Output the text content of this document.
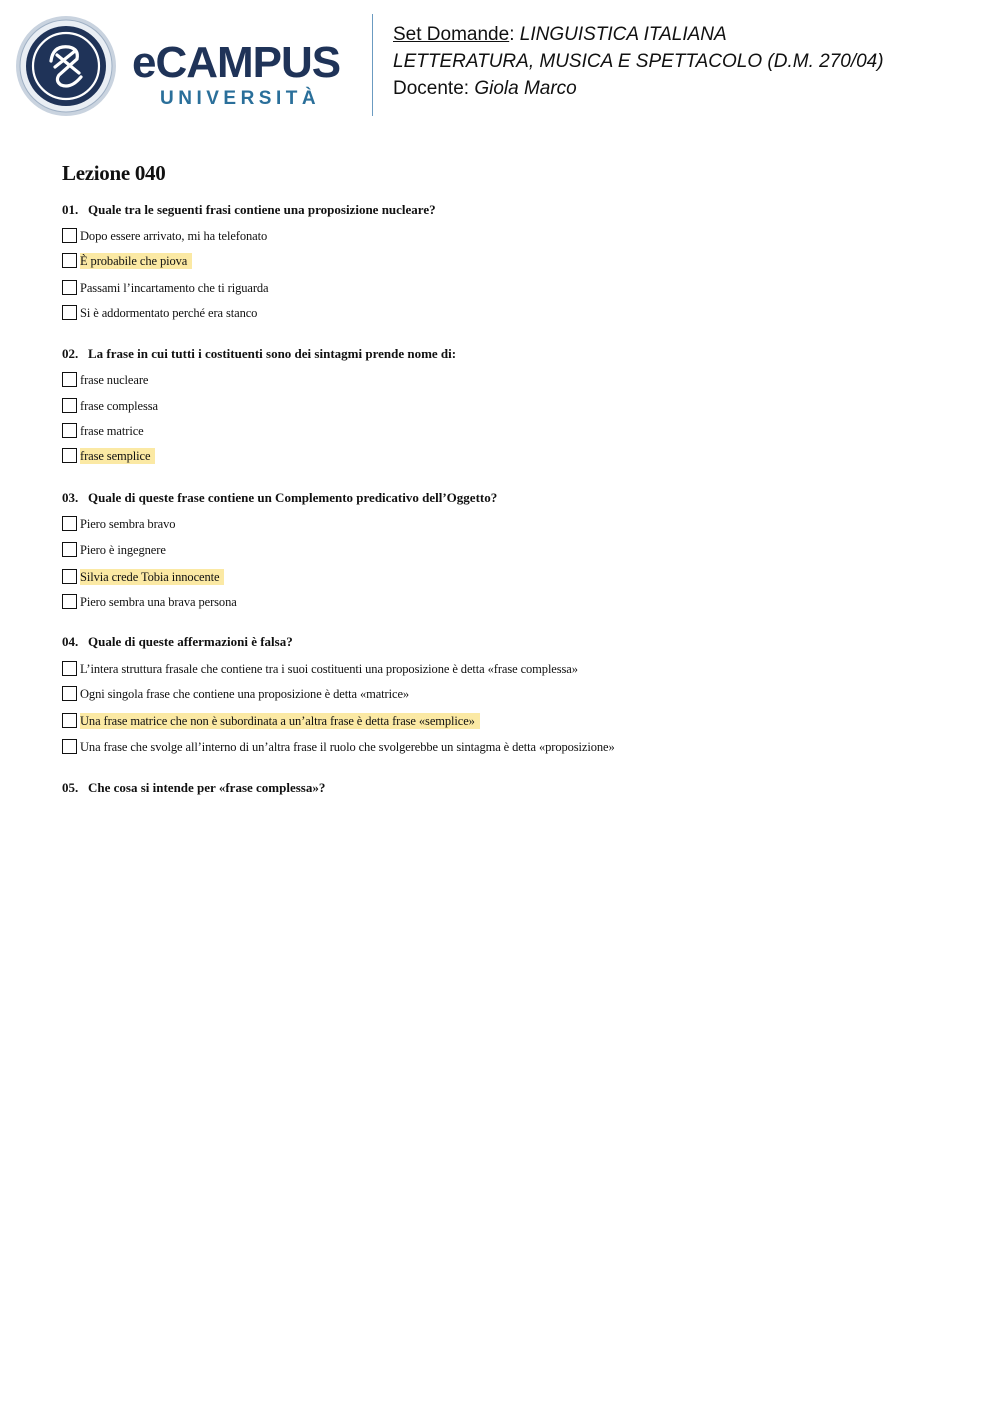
eCAMPUS
UNIVERSITÀ
Set Domande: LINGUISTICA ITALIANA
LETTERATURA, MUSICA E SPETTACOLO (D.M. 270/04)
Docente: Giola Marco
Lezione 040
01. Quale tra le seguenti frasi contiene una proposizione nucleare?
Dopo essere arrivato, mi ha telefonato
È probabile che piova
Passami l’incartamento che ti riguarda
Si è addormentato perché era stanco
02. La frase in cui tutti i costituenti sono dei sintagmi prende nome di:
frase nucleare
frase complessa
frase matrice
frase semplice
03. Quale di queste frase contiene un Complemento predicativo dell’Oggetto?
Piero sembra bravo
Piero è ingegnere
Silvia crede Tobia innocente
Piero sembra una brava persona
04. Quale di queste affermazioni è falsa?
L’intera struttura frasale che contiene tra i suoi costituenti una proposizione è detta «frase complessa»
Ogni singola frase che contiene una proposizione è detta «matrice»
Una frase matrice che non è subordinata a un’altra frase è detta frase «semplice»
Una frase che svolge all’interno di un’altra frase il ruolo che svolgerebbe un sintagma è detta «proposizione»
05. Che cosa si intende per «frase complessa»?
